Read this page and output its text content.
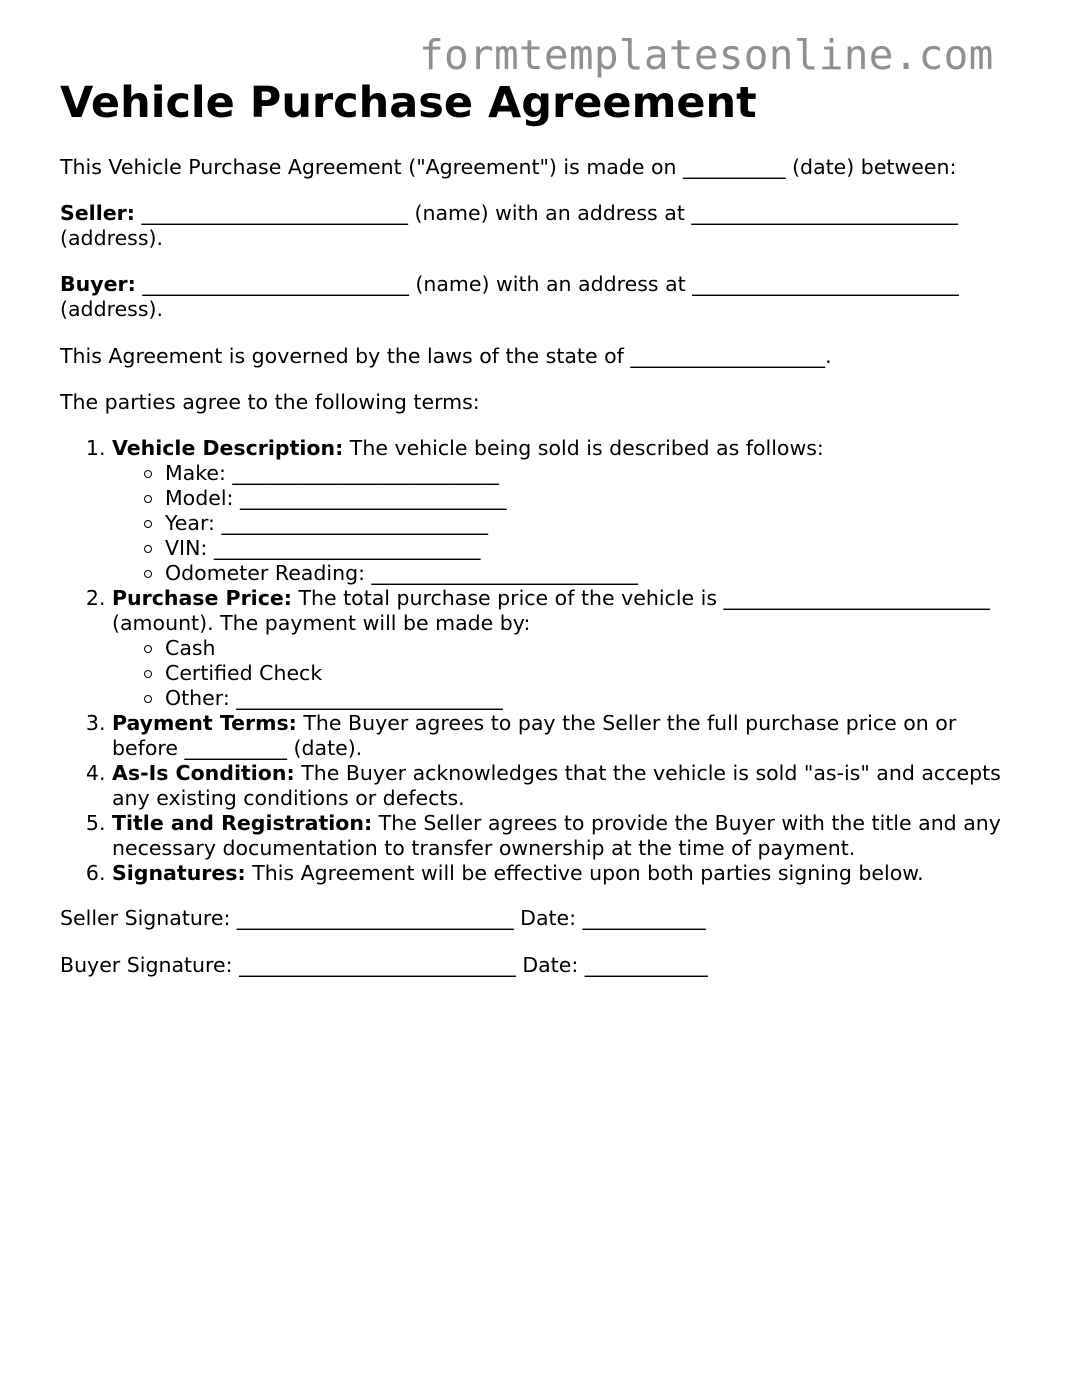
formtemplatesonline.com
Vehicle Purchase Agreement

This Vehicle Purchase Agreement ("Agreement") is made on __________ (date) between:

Seller: __________________________ (name) with an address at __________________________ (address).

Buyer: __________________________ (name) with an address at __________________________ (address).

This Agreement is governed by the laws of the state of ___________________.

The parties agree to the following terms:

1. Vehicle Description: The vehicle being sold is described as follows:
Make: __________________________
Model: __________________________
Year: __________________________
VIN: __________________________
Odometer Reading: __________________________
2. Purchase Price: The total purchase price of the vehicle is __________________________ (amount). The payment will be made by:
Cash
Certified Check
Other: __________________________
3. Payment Terms: The Buyer agrees to pay the Seller the full purchase price on or before __________ (date).
4. As-Is Condition: The Buyer acknowledges that the vehicle is sold "as-is" and accepts any existing conditions or defects.
5. Title and Registration: The Seller agrees to provide the Buyer with the title and any necessary documentation to transfer ownership at the time of payment.
6. Signatures: This Agreement will be effective upon both parties signing below.

Seller Signature: ___________________________ Date: ____________

Buyer Signature: ___________________________ Date: ____________
